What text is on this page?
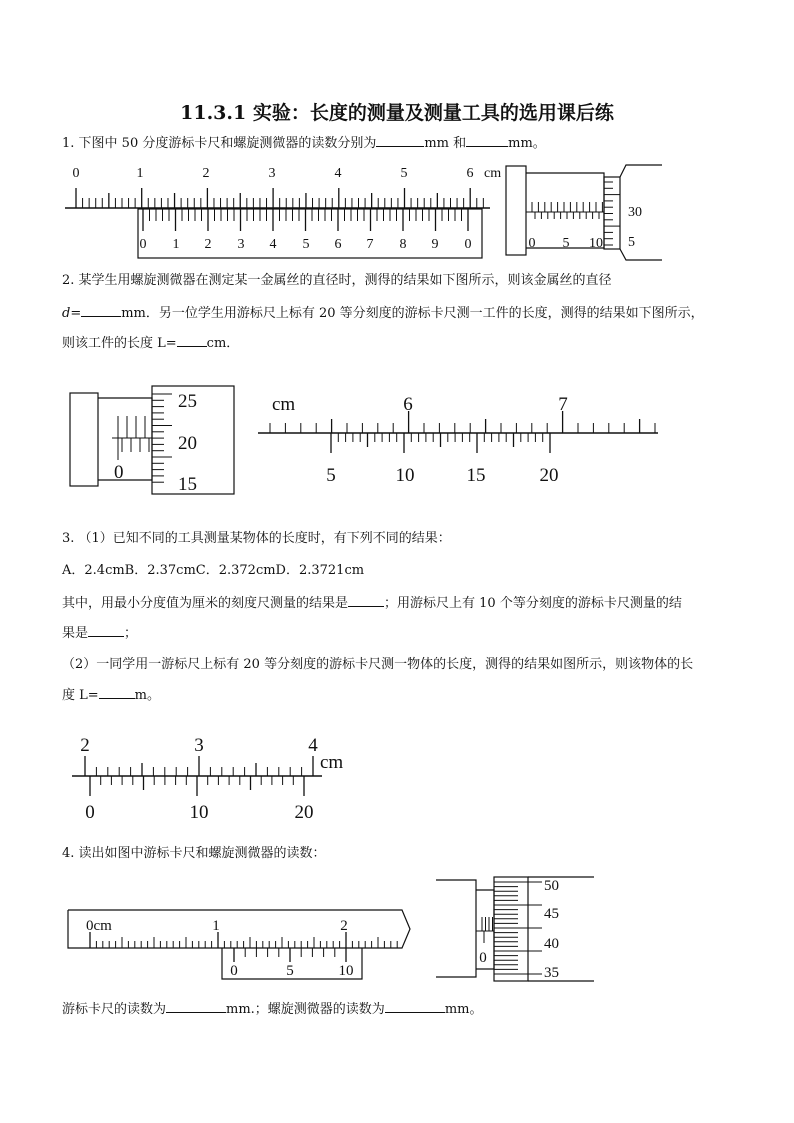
11.3.1 实验：长度的测量及测量工具的选用课后练
1. 下图中 50 分度游标卡尺和螺旋测微器的读数分别为	mm 和	mm。
0	1	2	3	4	5	6 cm
0 1 2 3 4 5 6 7 8 9 0	0 5 10
30
5
25
20
15
0
cm	6	7
5	10	15	20
2	3	4
cm
0	10	20
0cm	1	2
0	5	10
50
45
40
35
0
2. 某学生用螺旋测微器在测定某一金属丝的直径时，测得的结果如下图所示，则该金属丝的直径
d=	mm．另一位学生用游标尺上标有 20 等分刻度的游标卡尺测一工件的长度，测得的结果如下图所示，
则该工件的长度 L= cm．
3. （1）已知不同的工具测量某物体的长度时，有下列不同的结果：
A．2.4cmB．2.37cmC．2.372cmD．2.3721cm
其中，用最小分度值为厘米的刻度尺测量的结果是	；用游标尺上有 10 个等分刻度的游标卡尺测量的结
果是	；
（2）一同学用一游标尺上标有 20 等分刻度的游标卡尺测一物体的长度，测得的结果如图所示，则该物体的长
度 L=	m。
4. 读出如图中游标卡尺和螺旋测微器的读数：
游标卡尺的读数为	mm.；螺旋测微器的读数为	mm。
